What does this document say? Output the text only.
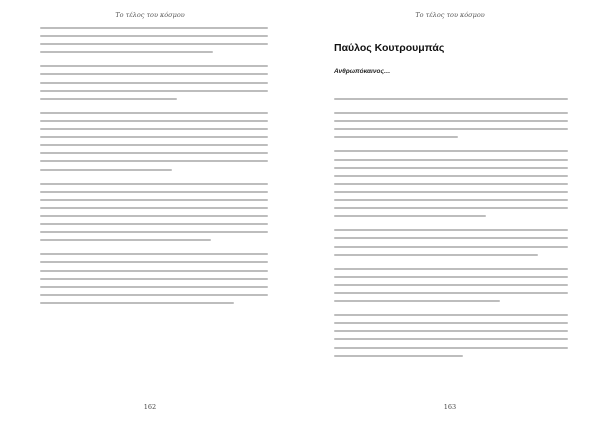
Το τέλος του κόσμου
162
Το τέλος του κόσμου
Παύλος Κουτρουμπάς
Ανθρωπόκαινος…
163
